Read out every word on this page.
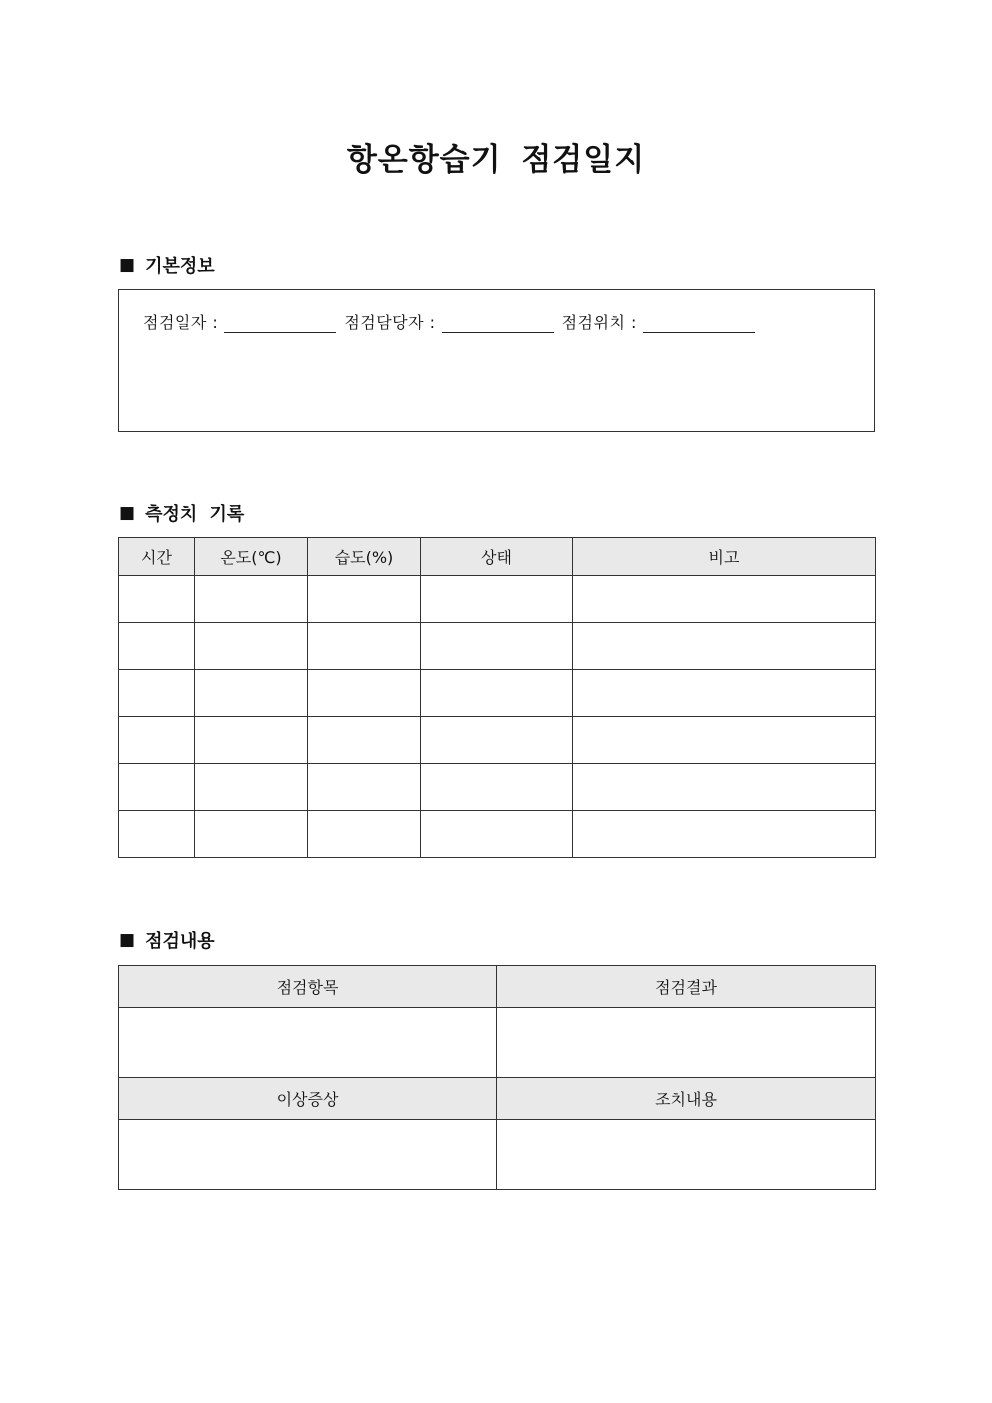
항온항습기 점검일지
■ 기본정보
점검일자 :	점검담당자 :	점검위치 :
■ 측정치 기록
시간	온도(℃)	습도(%)	상태	비고

■ 점검내용
점검항목	점검결과

이상증상	조치내용
